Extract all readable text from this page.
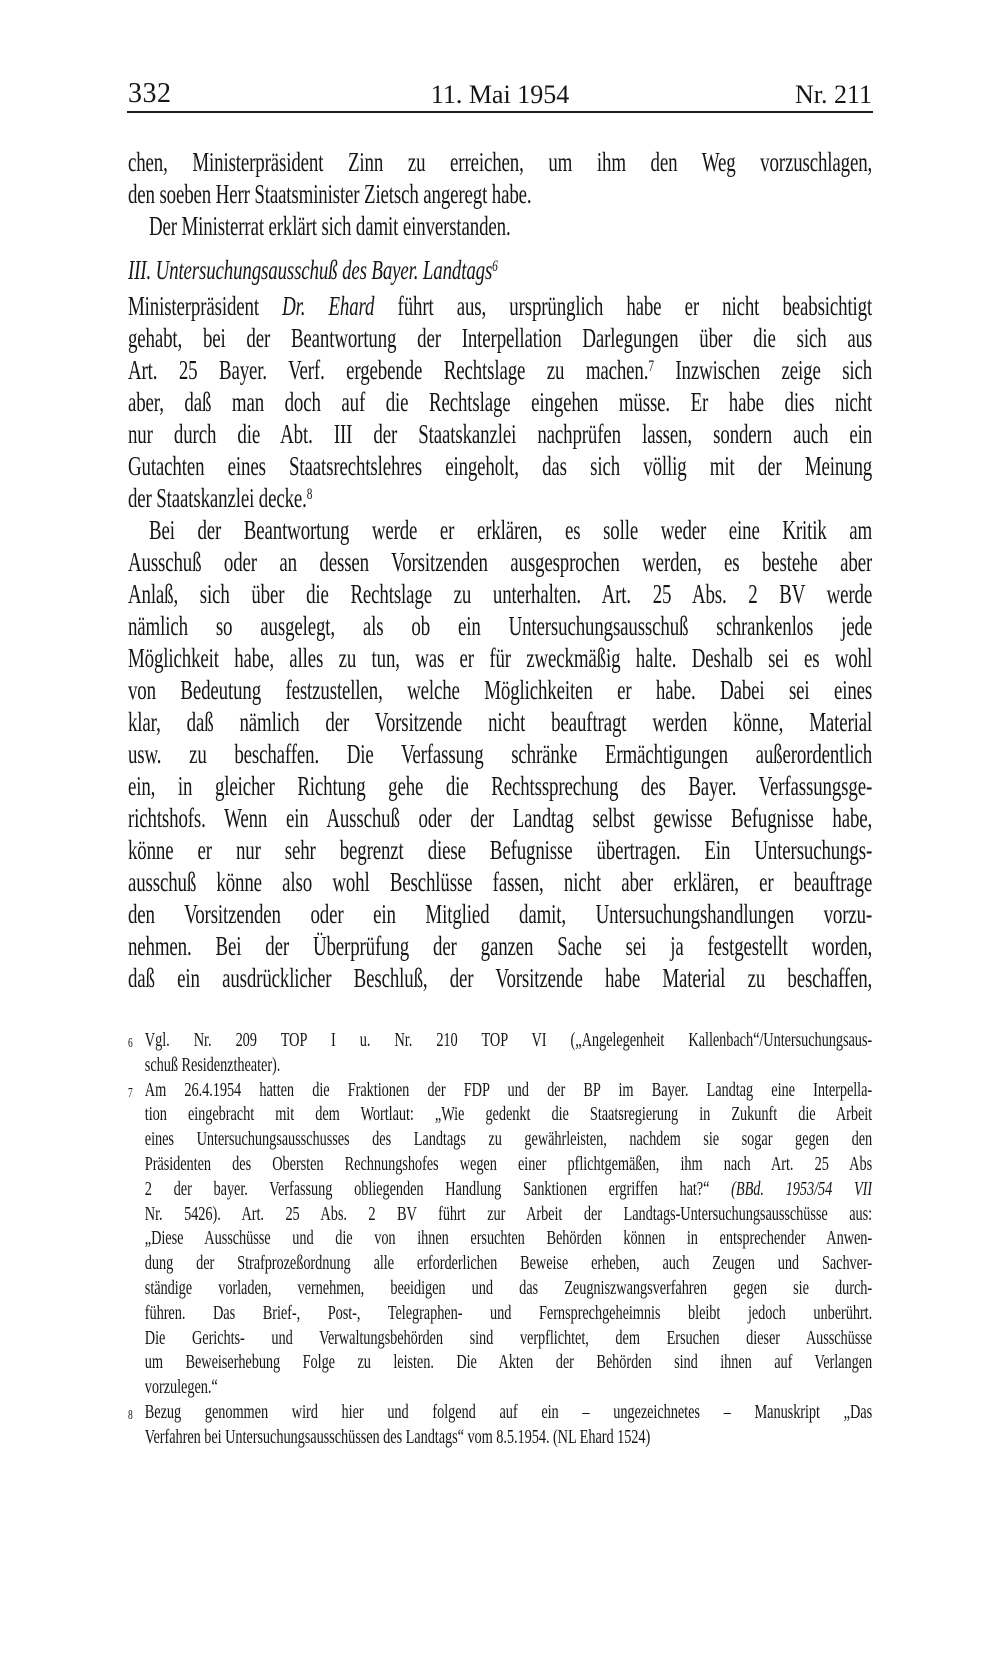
332	11. Mai 1954	Nr. 211
chen, Ministerpräsident Zinn zu erreichen, um ihm den Weg vorzuschlagen,
den soeben Herr Staatsminister Zietsch angeregt habe.
Der Ministerrat erklärt sich damit einverstanden.
III. Untersuchungsausschuß des Bayer. Landtags$^6$
Ministerpräsident Dr. Ehard führt aus, ursprünglich habe er nicht beabsichtigt
gehabt, bei der Beantwortung der Interpellation Darlegungen über die sich aus
Art. 25 Bayer. Verf. ergebende Rechtslage zu machen.$^7$ Inzwischen zeige sich
aber, daß man doch auf die Rechtslage eingehen müsse. Er habe dies nicht
nur durch die Abt. III der Staatskanzlei nachprüfen lassen, sondern auch ein
Gutachten eines Staatsrechtslehres eingeholt, das sich völlig mit der Meinung
der Staatskanzlei decke.$^8$
Bei der Beantwortung werde er erklären, es solle weder eine Kritik am
Ausschuß oder an dessen Vorsitzenden ausgesprochen werden, es bestehe aber
Anlaß, sich über die Rechtslage zu unterhalten. Art. 25 Abs. 2 BV werde
nämlich so ausgelegt, als ob ein Untersuchungsausschuß schrankenlos jede
Möglichkeit habe, alles zu tun, was er für zweckmäßig halte. Deshalb sei es wohl
von Bedeutung festzustellen, welche Möglichkeiten er habe. Dabei sei eines
klar, daß nämlich der Vorsitzende nicht beauftragt werden könne, Material
usw. zu beschaffen. Die Verfassung schränke Ermächtigungen außerordentlich
ein, in gleicher Richtung gehe die Rechtssprechung des Bayer. Verfassungsge-
richtshofs. Wenn ein Ausschuß oder der Landtag selbst gewisse Befugnisse habe,
könne er nur sehr begrenzt diese Befugnisse übertragen. Ein Untersuchungs-
ausschuß könne also wohl Beschlüsse fassen, nicht aber erklären, er beauftrage
den Vorsitzenden oder ein Mitglied damit, Untersuchungshandlungen vorzu-
nehmen. Bei der Überprüfung der ganzen Sache sei ja festgestellt worden,
daß ein ausdrücklicher Beschluß, der Vorsitzende habe Material zu beschaffen,
6 Vgl. Nr. 209 TOP I u. Nr. 210 TOP VI („Angelegenheit Kallenbach“/Untersuchungsaus-
schuß Residenztheater).
7 Am 26.4.1954 hatten die Fraktionen der FDP und der BP im Bayer. Landtag eine Interpella-
tion eingebracht mit dem Wortlaut: „Wie gedenkt die Staatsregierung in Zukunft die Arbeit
eines Untersuchungsausschusses des Landtags zu gewährleisten, nachdem sie sogar gegen den
Präsidenten des Obersten Rechnungshofes wegen einer pflichtgemäßen, ihm nach Art. 25 Abs
2 der bayer. Verfassung obliegenden Handlung Sanktionen ergriffen hat?“ (BBd. 1953/54 VII
Nr. 5426). Art. 25 Abs. 2 BV führt zur Arbeit der Landtags-Untersuchungsausschüsse aus:
„Diese Ausschüsse und die von ihnen ersuchten Behörden können in entsprechender Anwen-
dung der Strafprozeßordnung alle erforderlichen Beweise erheben, auch Zeugen und Sachver-
ständige vorladen, vernehmen, beeidigen und das Zeugniszwangsverfahren gegen sie durch-
führen. Das Brief-, Post-, Telegraphen- und Fernsprechgeheimnis bleibt jedoch unberührt.
Die Gerichts- und Verwaltungsbehörden sind verpflichtet, dem Ersuchen dieser Ausschüsse
um Beweiserhebung Folge zu leisten. Die Akten der Behörden sind ihnen auf Verlangen
vorzulegen.“
8 Bezug genommen wird hier und folgend auf ein – ungezeichnetes – Manuskript „Das
Verfahren bei Untersuchungsausschüssen des Landtags“ vom 8.5.1954. (NL Ehard 1524)
